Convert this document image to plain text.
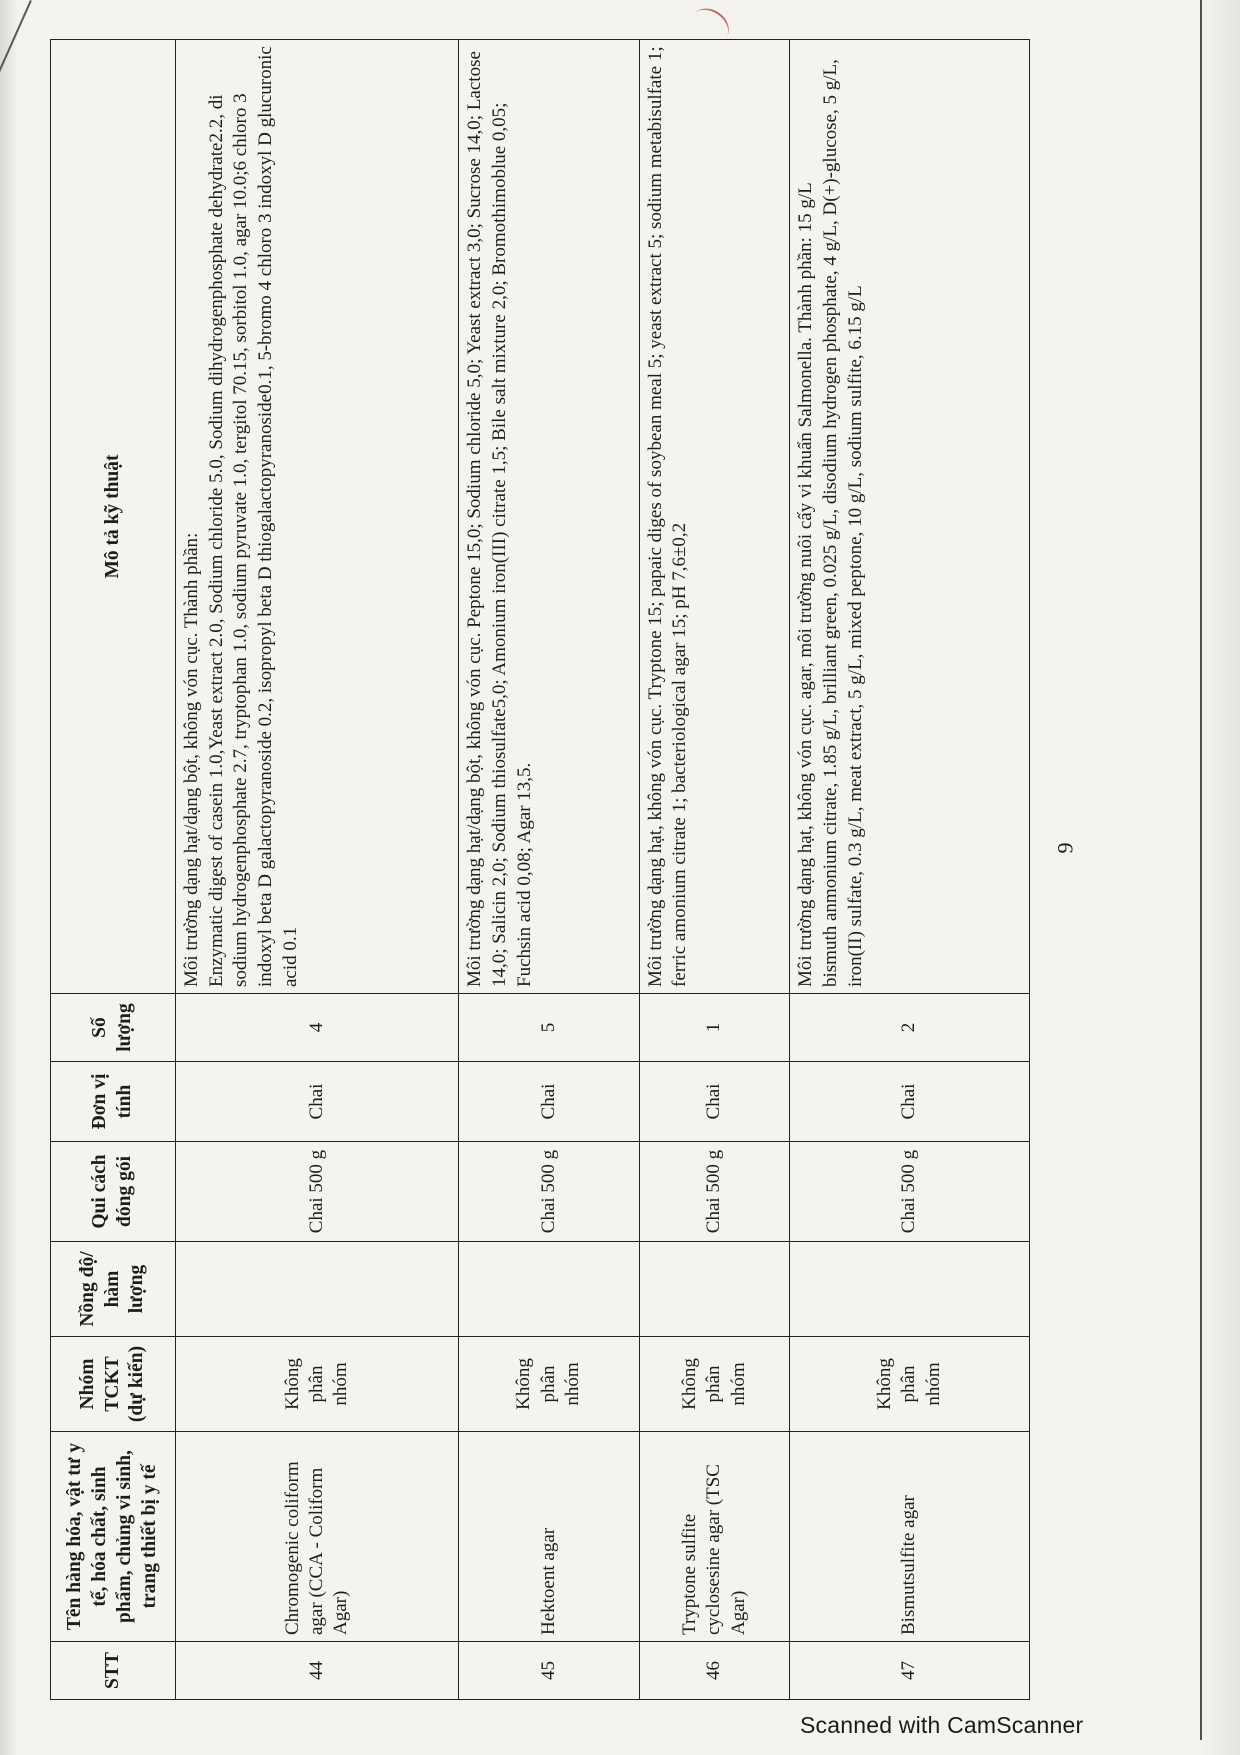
STT	Tên hàng hóa, vật tư y tế, hóa chất, sinh phẩm, chủng vi sinh, trang thiết bị y tế	Nhóm TCKT (dự kiến)	Nồng độ/ hàm lượng	Qui cách đóng gói	Đơn vị tính	Số lượng	Mô tả kỹ thuật
44	Chromogenic coliform agar (CCA - Coliform Agar)	Không phân nhóm		Chai 500 g	Chai	4	Môi trường dạng hạt/dạng bột, không vón cục. Thành phần: Enzymatic digest of casein 1.0,Yeast extract 2.0, Sodium chloride 5.0, Sodium dihydrogenphosphate dehydrate2.2, di sodium hydrogenphosphate 2.7, tryptophan 1.0, sodium pyruvate 1.0, tergitol 70.15, sorbitol 1.0, agar 10.0;6 chloro 3 indoxyl beta D galactopyranoside 0.2, isopropyl beta D thiogalactopyranoside0.1, 5-bromo 4 chloro 3 indoxyl D glucuronic acid 0.1

45	Hektoent agar	Không phân nhóm		Chai 500 g	Chai	5	Môi trường dạng hạt/dạng bột, không vón cục. Peptone 15,0; Sodium chloride 5,0; Yeast extract 3,0; Sucrose 14,0; Lactose 14,0; Salicin 2,0; Sodium thiosulfate5,0; Amonium iron(III) citrate 1,5; Bile salt mixture 2,0; Bromothimoblue 0,05; Fuchsin acid 0,08; Agar 13,5.

46	Tryptone sulfite cyclosesine agar (TSC Agar)	Không phân nhóm		Chai 500 g	Chai	1	Môi trường dạng hạt, không vón cục. Tryptone 15; papaic diges of soybean meal 5; yeast extract 5; sodium metabisulfate 1; ferric amonium citrate 1; bacteriological agar 15; pH 7,6±0,2

47	Bismutsulfite agar	Không phân nhóm		Chai 500 g	Chai	2	Môi trường dạng hạt, không vón cục. agar, môi trường nuôi cấy vi khuẩn Salmonella. Thành phần: 15 g/L bismuth anmonium citrate, 1.85 g/L, brilliant green, 0.025 g/L, disodium hydrogen phosphate, 4 g/L, D(+)-glucose, 5 g/L, iron(II) sulfate, 0.3 g/L, meat extract, 5 g/L, mixed peptone, 10 g/L, sodium sulfite, 6.15 g/L	9
Scanned with CamScanner
